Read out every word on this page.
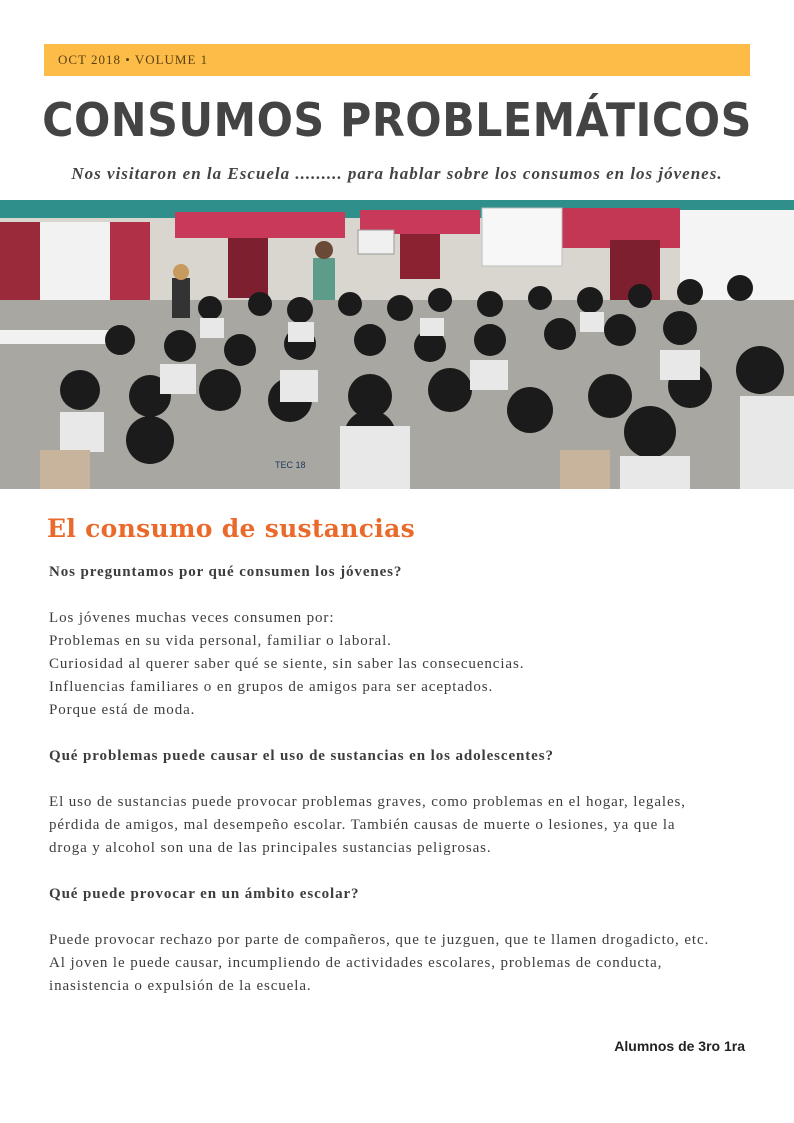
OCT 2018 • VOLUME 1
CONSUMOS PROBLEMÁTICOS

Nos visitaron en la Escuela ......... para hablar sobre los consumos en los jóvenes.

TEC 18
El consumo de sustancias

Nos preguntamos por qué consumen los jóvenes?

Los jóvenes muchas veces consumen por:

Problemas en su vida personal, familiar o laboral.

Curiosidad al querer saber qué se siente, sin saber las consecuencias.

Influencias familiares o en grupos de amigos para ser aceptados.

Porque está de moda.

Qué problemas puede causar el uso de sustancias en los adolescentes?

El uso de sustancias puede provocar problemas graves, como problemas en el hogar, legales,

pérdida de amigos, mal desempeño escolar. También causas de muerte o lesiones, ya que la

droga y alcohol son una de las principales sustancias peligrosas.

Qué puede provocar en un ámbito escolar?

Puede provocar rechazo por parte de compañeros, que te juzguen, que te llamen drogadicto, etc.

Al joven le puede causar, incumpliendo de actividades escolares, problemas de conducta,

inasistencia o expulsión de la escuela.

Alumnos de 3ro 1ra
